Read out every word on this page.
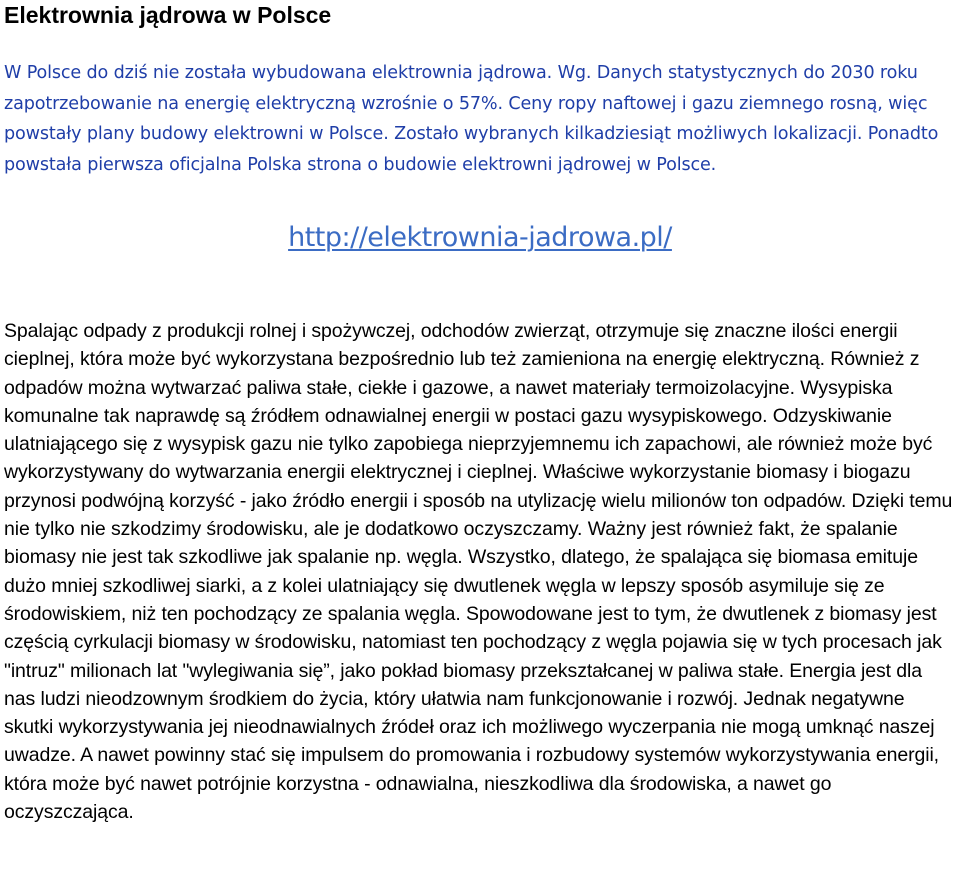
Elektrownia jądrowa w Polsce

W Polsce do dziś nie została wybudowana elektrownia jądrowa. Wg. Danych statystycznych do 2030 roku zapotrzebowanie na energię elektryczną wzrośnie o 57%. Ceny ropy naftowej i gazu ziemnego rosną, więc powstały plany budowy elektrowni w Polsce. Zostało wybranych kilkadziesiąt możliwych lokalizacji. Ponadto powstała pierwsza oficjalna Polska strona o budowie elektrowni jądrowej w Polsce.

http://elektrownia-jadrowa.pl/

Spalając odpady z produkcji rolnej i spożywczej, odchodów zwierząt, otrzymuje się znaczne ilości energii cieplnej, która może być wykorzystana bezpośrednio lub też zamieniona na energię elektryczną. Również z odpadów można wytwarzać paliwa stałe, ciekłe i gazowe, a nawet materiały termoizolacyjne. Wysypiska komunalne tak naprawdę są źródłem odnawialnej energii w postaci gazu wysypiskowego. Odzyskiwanie ulatniającego się z wysypisk gazu nie tylko zapobiega nieprzyjemnemu ich zapachowi, ale również może być wykorzystywany do wytwarzania energii elektrycznej i cieplnej. Właściwe wykorzystanie biomasy i biogazu przynosi podwójną korzyść - jako źródło energii i sposób na utylizację wielu milionów ton odpadów. Dzięki temu nie tylko nie szkodzimy środowisku, ale je dodatkowo oczyszczamy. Ważny jest również fakt, że spalanie biomasy nie jest tak szkodliwe jak spalanie np. węgla. Wszystko, dlatego, że spalająca się biomasa emituje dużo mniej szkodliwej siarki, a z kolei ulatniający się dwutlenek węgla w lepszy sposób asymiluje się ze środowiskiem, niż ten pochodzący ze spalania węgla. Spowodowane jest to tym, że dwutlenek z biomasy jest częścią cyrkulacji biomasy w środowisku, natomiast ten pochodzący z węgla pojawia się w tych procesach jak "intruz" milionach lat "wylegiwania się”, jako pokład biomasy przekształcanej w paliwa stałe. Energia jest dla nas ludzi nieodzownym środkiem do życia, który ułatwia nam funkcjonowanie i rozwój. Jednak negatywne skutki wykorzystywania jej nieodnawialnych źródeł oraz ich możliwego wyczerpania nie mogą umknąć naszej uwadze. A nawet powinny stać się impulsem do promowania i rozbudowy systemów wykorzystywania energii, która może być nawet potrójnie korzystna - odnawialna, nieszkodliwa dla środowiska, a nawet go oczyszczająca.
